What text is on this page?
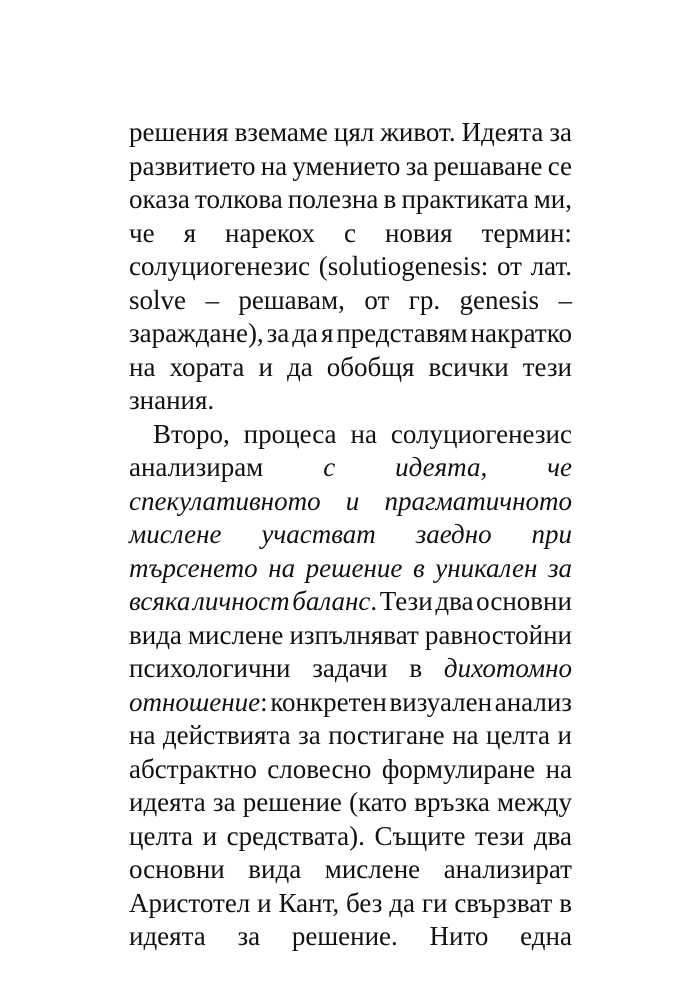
решения вземаме цял живот. Идеята за
развитието на умението за решаване се
оказа толкова полезна в практиката ми,
че я нарекох с новия термин:
солуциогенезис (solutiogenesis: от лат.
solve – решавам, от гр. genesis –
зараждане), за да я представям накратко
на хората и да обобщя всички тези
знания.
Второ, процеса на солуциогенезис
анализирам с идеята, че
спекулативното и прагматичното
мислене участват заедно при
търсенето на решение в уникален за
всяка личност баланс. Тези два основни
вида мислене изпълняват равностойни
психологични задачи в дихотомно
отношение: конкретен визуален анализ
на действията за постигане на целта и
абстрактно словесно формулиране на
идеята за решение (като връзка между
целта и средствата). Същите тези два
основни вида мислене анализират
Аристотел и Кант, без да ги свързват в
идеята за решение. Нито една
